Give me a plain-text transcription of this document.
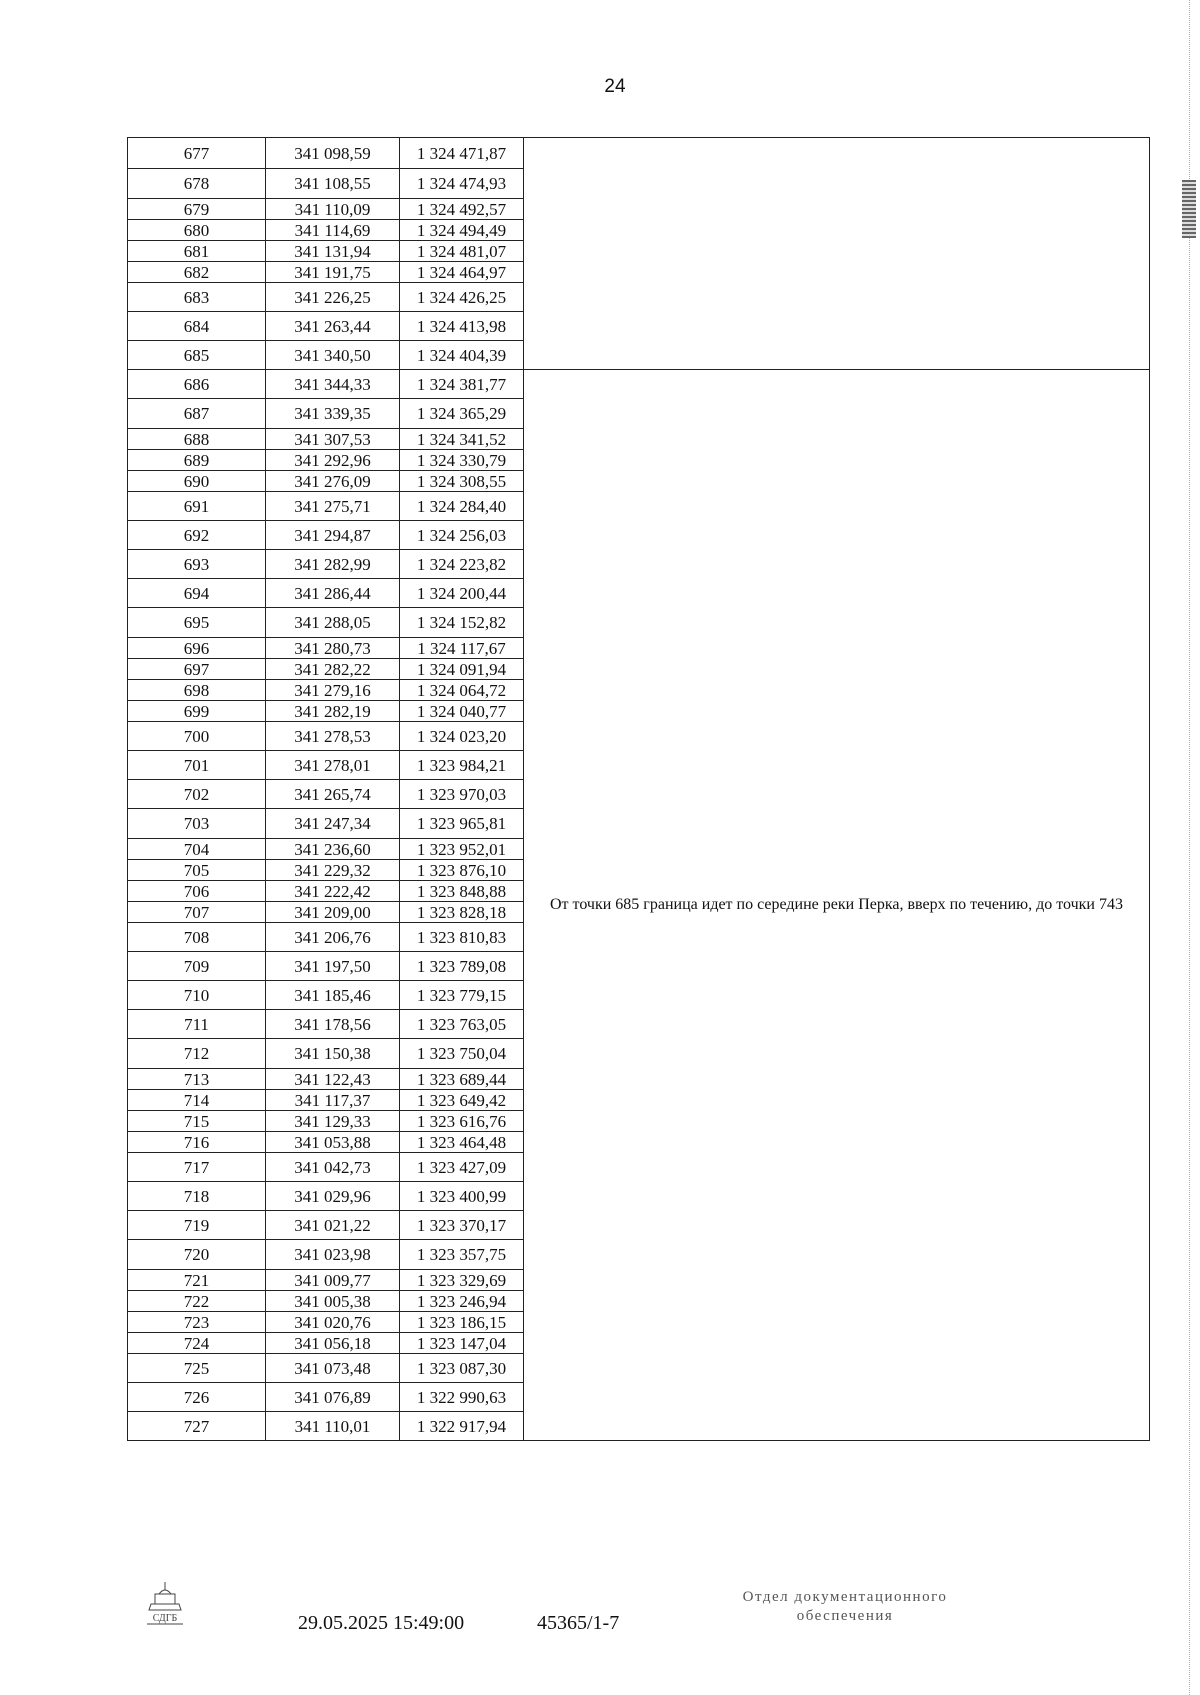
24
677	341 098,59	1 324 471,87	
678	341 108,55	1 324 474,93	
679	341 110,09	1 324 492,57	
680	341 114,69	1 324 494,49	
681	341 131,94	1 324 481,07	
682	341 191,75	1 324 464,97	
683	341 226,25	1 324 426,25	
684	341 263,44	1 324 413,98	
685	341 340,50	1 324 404,39	
686	341 344,33	1 324 381,77	От точки 685 граница идет по середине реки Перка, вверх по течению, до точки 743
687	341 339,35	1 324 365,29	
688	341 307,53	1 324 341,52	
689	341 292,96	1 324 330,79	
690	341 276,09	1 324 308,55	
691	341 275,71	1 324 284,40	
692	341 294,87	1 324 256,03	
693	341 282,99	1 324 223,82	
694	341 286,44	1 324 200,44	
695	341 288,05	1 324 152,82	
696	341 280,73	1 324 117,67	
697	341 282,22	1 324 091,94	
698	341 279,16	1 324 064,72	
699	341 282,19	1 324 040,77	
700	341 278,53	1 324 023,20	
701	341 278,01	1 323 984,21	
702	341 265,74	1 323 970,03	
703	341 247,34	1 323 965,81	
704	341 236,60	1 323 952,01	
705	341 229,32	1 323 876,10	
706	341 222,42	1 323 848,88	
707	341 209,00	1 323 828,18	
708	341 206,76	1 323 810,83	
709	341 197,50	1 323 789,08	
710	341 185,46	1 323 779,15	
711	341 178,56	1 323 763,05	
712	341 150,38	1 323 750,04	
713	341 122,43	1 323 689,44	
714	341 117,37	1 323 649,42	
715	341 129,33	1 323 616,76	
716	341 053,88	1 323 464,48	
717	341 042,73	1 323 427,09	
718	341 029,96	1 323 400,99	
719	341 021,22	1 323 370,17	
720	341 023,98	1 323 357,75	
721	341 009,77	1 323 329,69	
722	341 005,38	1 323 246,94	
723	341 020,76	1 323 186,15	
724	341 056,18	1 323 147,04	
725	341 073,48	1 323 087,30	
726	341 076,89	1 322 990,63	
727	341 110,01	1 322 917,94	
СДГБ	29.05.2025 15:49:00	45365/1-7
Отдел документационного
обеспечения
